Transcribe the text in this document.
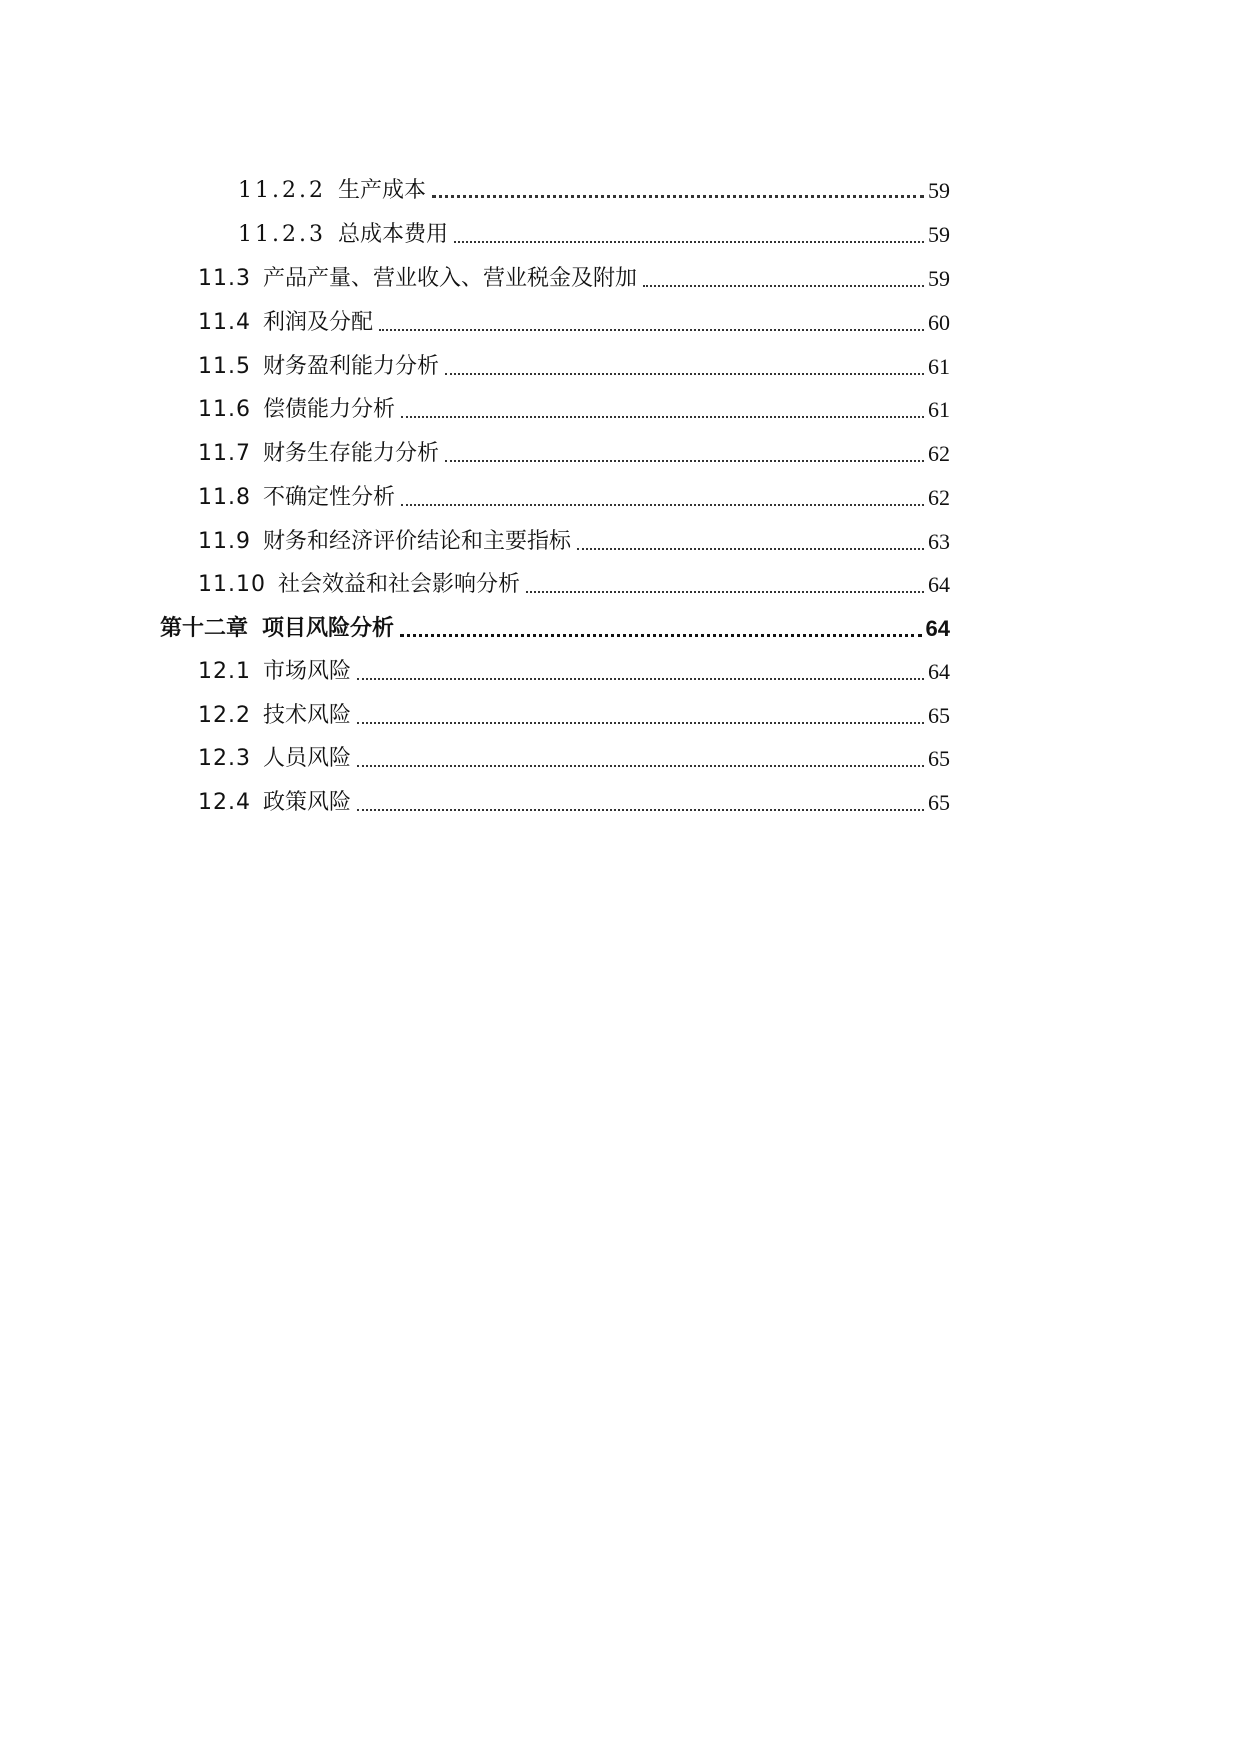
11.2.2 生产成本	59
11.2.3 总成本费用	59
11.3 产品产量、营业收入、营业税金及附加	59
11.4 利润及分配	60
11.5 财务盈利能力分析	61
11.6 偿债能力分析	61
11.7 财务生存能力分析	62
11.8 不确定性分析	62
11.9 财务和经济评价结论和主要指标	63
11.10 社会效益和社会影响分析	64
第十二章 项目风险分析	64
12.1 市场风险	64
12.2 技术风险	65
12.3 人员风险	65
12.4 政策风险	65
